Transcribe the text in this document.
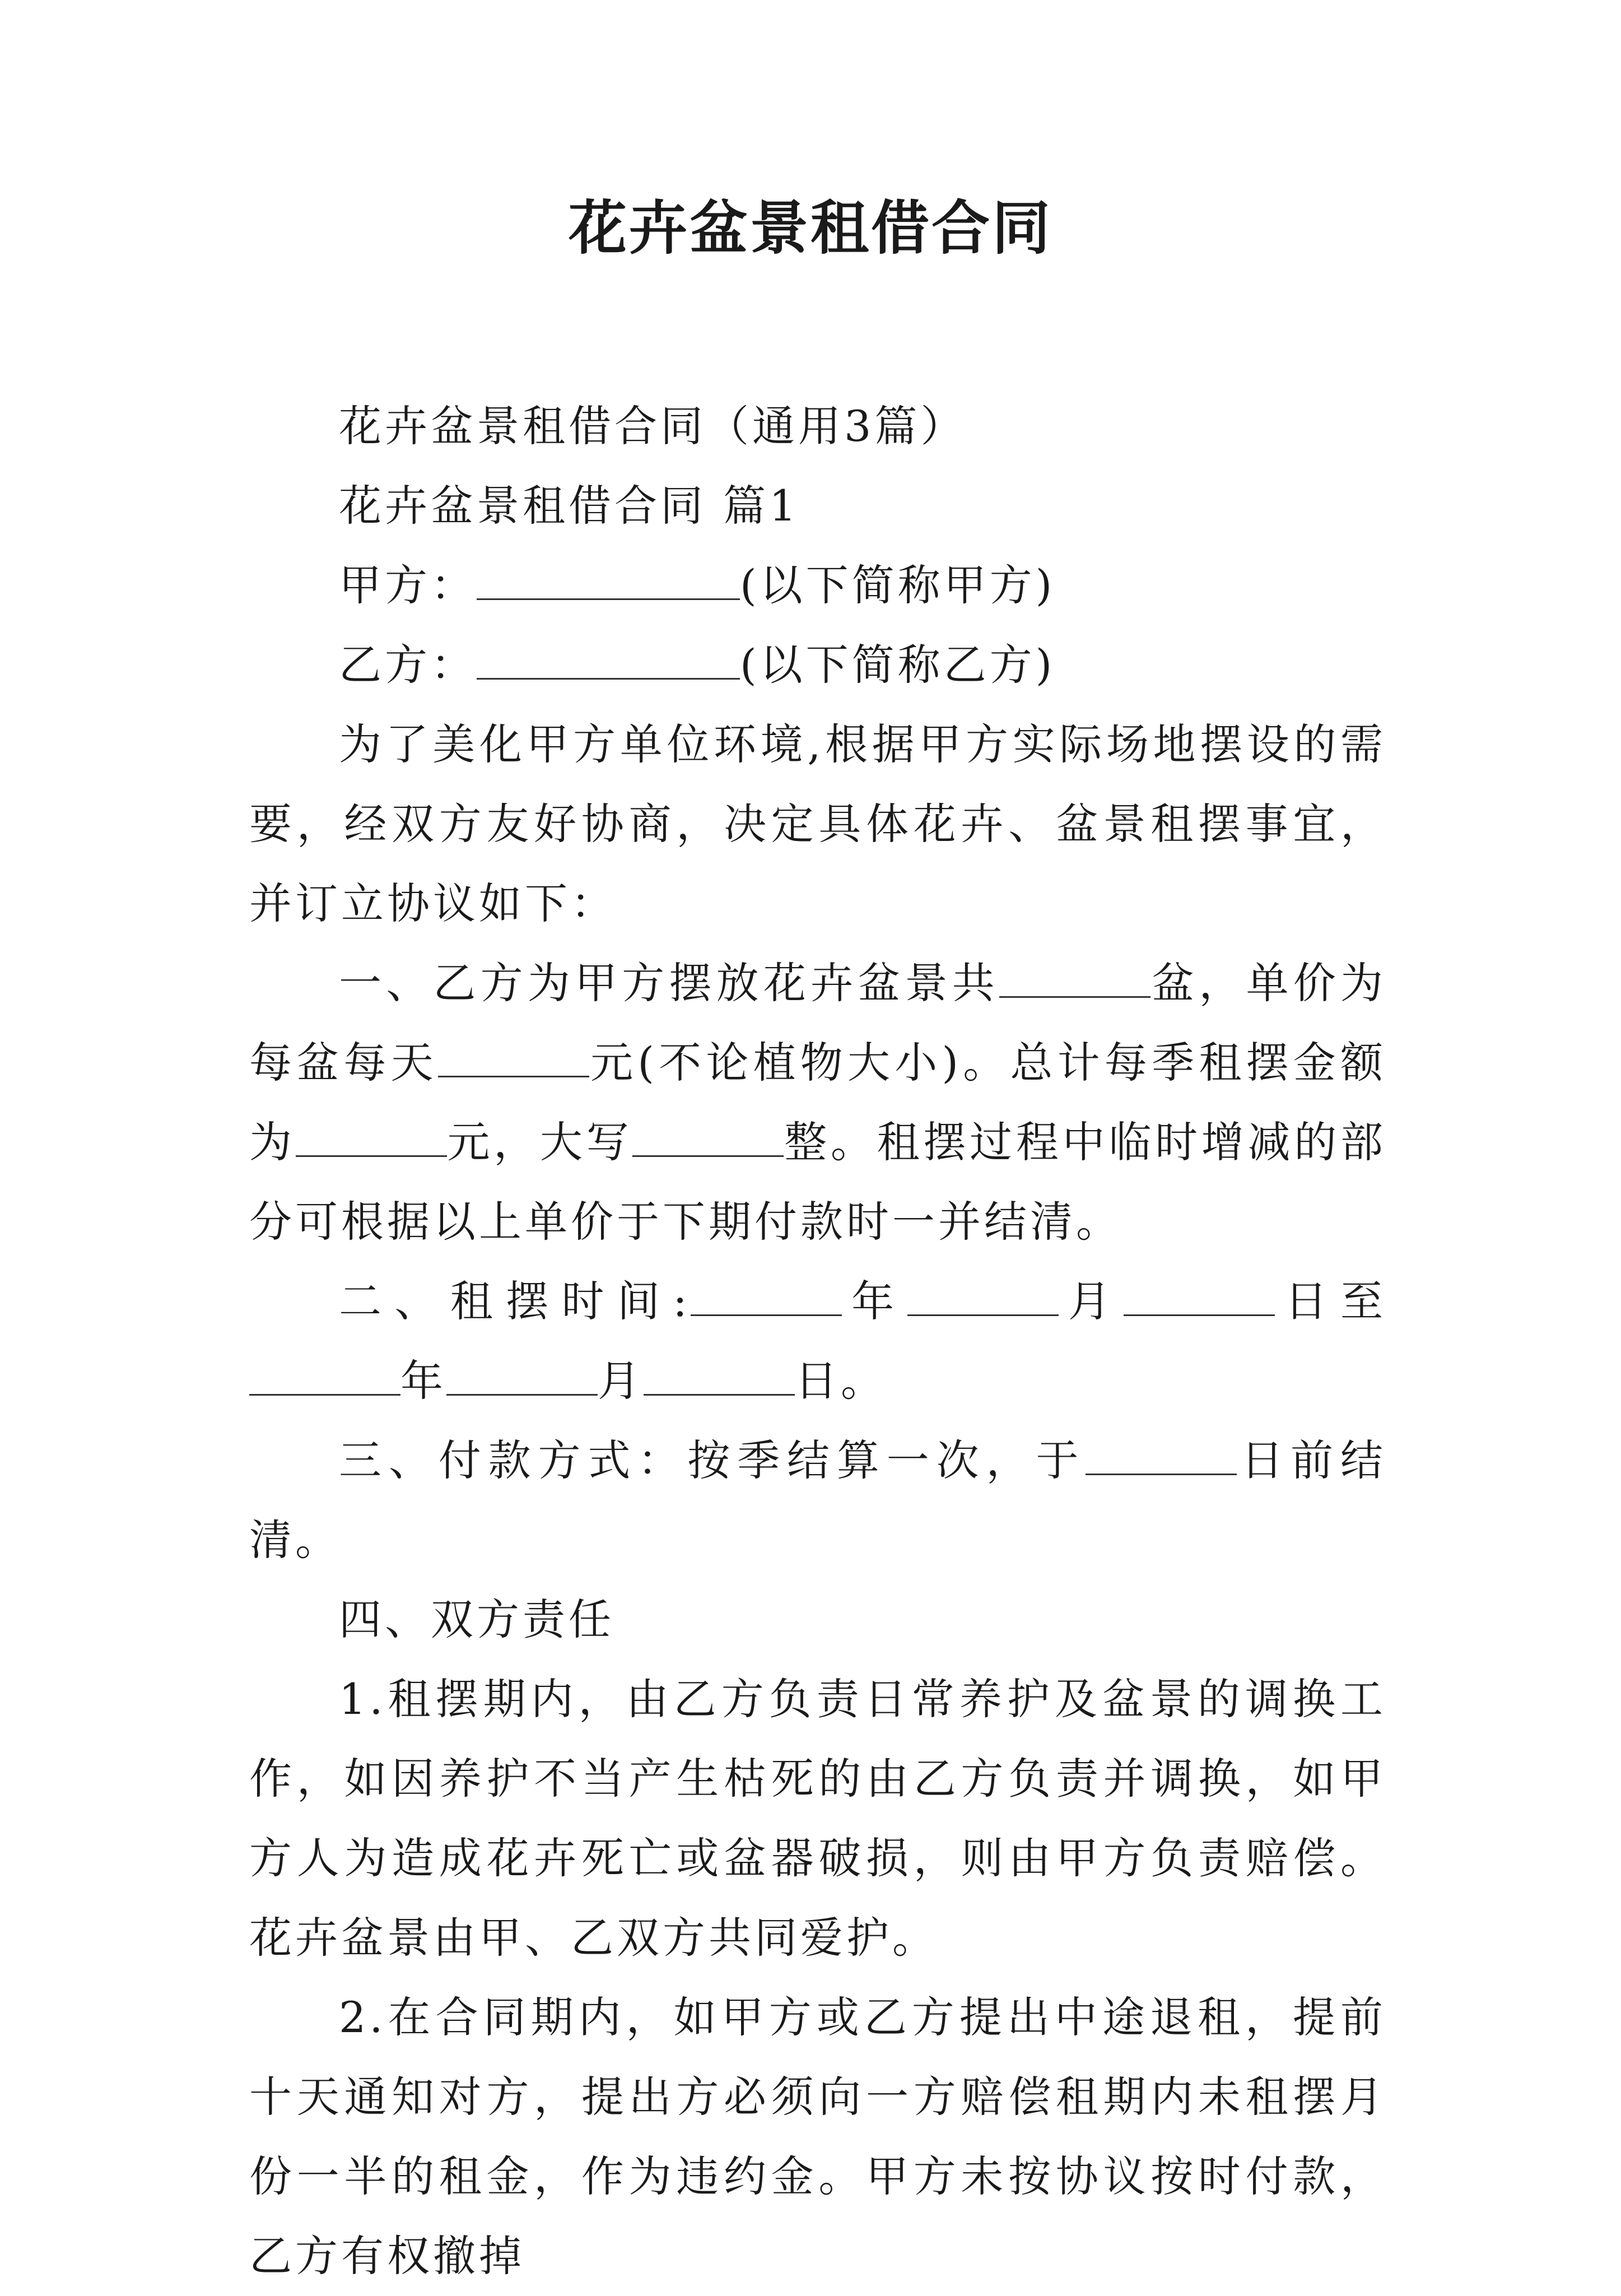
花卉盆景租借合同

花卉盆景租借合同（通用3篇）

花卉盆景租借合同 篇1

甲方：	(以下简称甲方)

乙方：	(以下简称乙方)

为了美化甲方单位环境,根据甲方实际场地摆设的需要，经双方友好协商，决定具体花卉、盆景租摆事宜，并订立协议如下：

一、乙方为甲方摆放花卉盆景共	盆，单价为每盆每天	元(不论植物大小)。总计每季租摆金额为	元，大写	整。租摆过程中临时增减的部分可根据以上单价于下期付款时一并结清。

二、租摆时间:	年	月	日至年	月	日。

三、付款方式：按季结算一次，于	日前结清。

四、双方责任

1.租摆期内，由乙方负责日常养护及盆景的调换工作，如因养护不当产生枯死的由乙方负责并调换，如甲方人为造成花卉死亡或盆器破损，则由甲方负责赔偿。花卉盆景由甲、乙双方共同爱护。

2.在合同期内，如甲方或乙方提出中途退租，提前十天通知对方，提出方必须向一方赔偿租期内未租摆月份一半的租金，作为违约金。甲方未按协议按时付款，乙方有权撤掉
